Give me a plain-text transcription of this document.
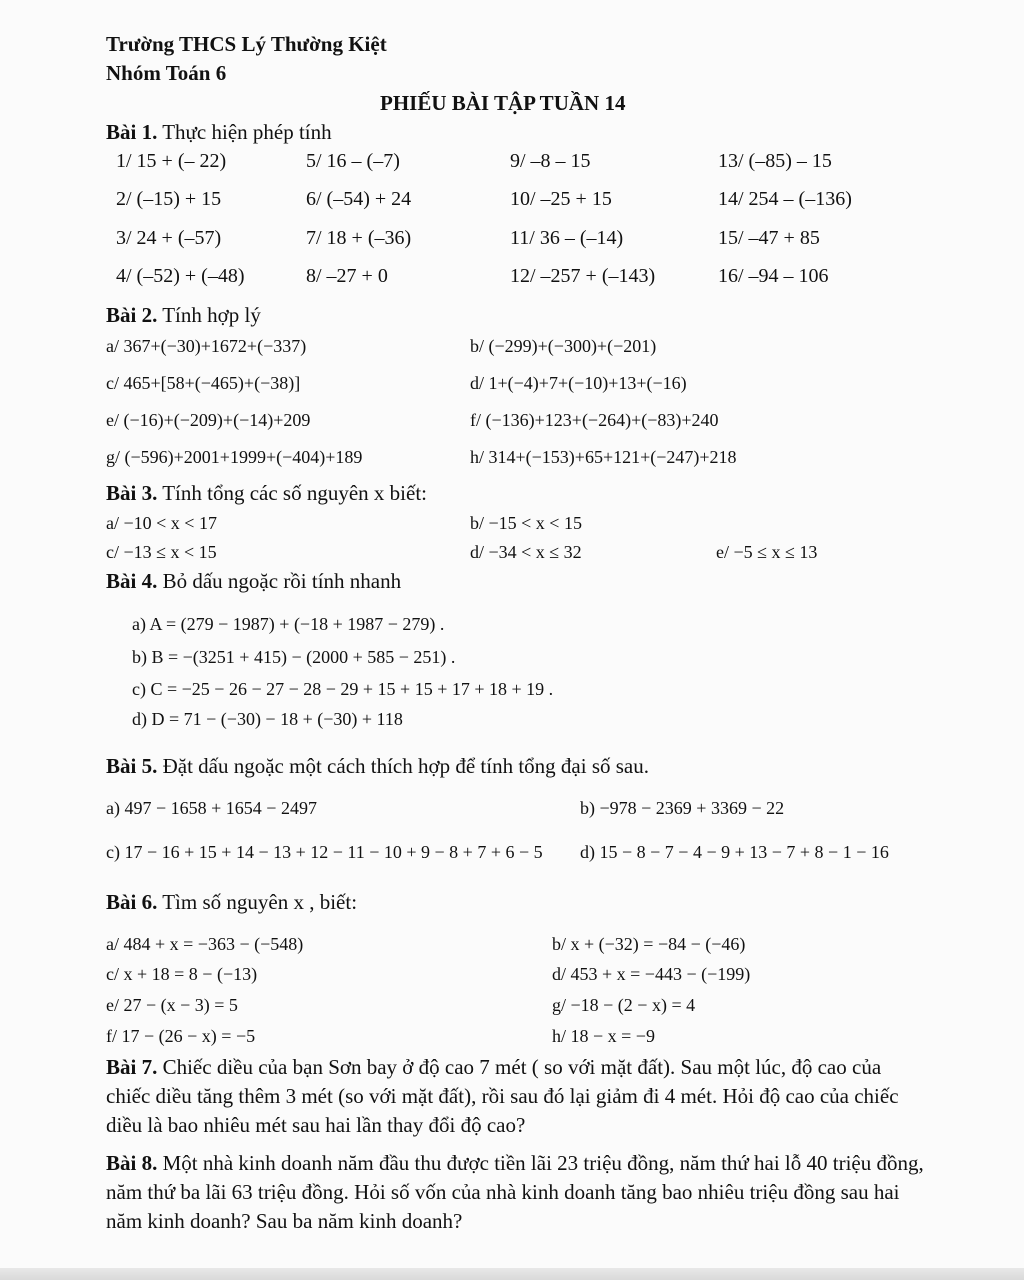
Trường THCS Lý Thường Kiệt
Nhóm Toán 6
PHIẾU BÀI TẬP TUẦN 14
Bài 1. Thực hiện phép tính
1/ 15 + (– 22)	5/ 16 – (–7)	9/ –8 – 15	13/ (–85) – 15
2/ (–15) + 15	6/ (–54) + 24	10/ –25 + 15	14/ 254 – (–136)
3/ 24 + (–57)	7/ 18 + (–36)	11/ 36 – (–14)	15/ –47 + 85
4/ (–52) + (–48)	8/ –27 + 0	12/ –257 + (–143)	16/ –94 – 106
Bài 2. Tính hợp lý
a/ 367+(−30)+1672+(−337)	b/ (−299)+(−300)+(−201)
c/ 465+[58+(−465)+(−38)]	d/ 1+(−4)+7+(−10)+13+(−16)
e/ (−16)+(−209)+(−14)+209	f/ (−136)+123+(−264)+(−83)+240
g/ (−596)+2001+1999+(−404)+189	h/ 314+(−153)+65+121+(−247)+218
Bài 3. Tính tổng các số nguyên x biết:
a/ −10 < x < 17	b/ −15 < x < 15
c/ −13 ≤ x < 15	d/ −34 < x ≤ 32	e/ −5 ≤ x ≤ 13
Bài 4. Bỏ dấu ngoặc rồi tính nhanh
a) A = (279 − 1987) + (−18 + 1987 − 279) .
b) B = −(3251 + 415) − (2000 + 585 − 251) .
c) C = −25 − 26 − 27 − 28 − 29 + 15 + 15 + 17 + 18 + 19 .
d) D = 71 − (−30) − 18 + (−30) + 118
Bài 5. Đặt dấu ngoặc một cách thích hợp để tính tổng đại số sau.
a) 497 − 1658 + 1654 − 2497	b) −978 − 2369 + 3369 − 22
c) 17 − 16 + 15 + 14 − 13 + 12 − 11 − 10 + 9 − 8 + 7 + 6 − 5 d) 15 − 8 − 7 − 4 − 9 + 13 − 7 + 8 − 1 − 16
Bài 6. Tìm số nguyên x , biết:
a/ 484 + x = −363 − (−548)	b/ x + (−32) = −84 − (−46)
c/ x + 18 = 8 − (−13)	d/ 453 + x = −443 − (−199)
e/ 27 − (x − 3) = 5	g/ −18 − (2 − x) = 4
f/ 17 − (26 − x) = −5	h/ 18 − x = −9
Bài 7. Chiếc diều của bạn Sơn bay ở độ cao 7 mét ( so với mặt đất). Sau một lúc, độ cao của chiếc diều tăng thêm 3 mét (so với mặt đất), rồi sau đó lại giảm đi 4 mét. Hỏi độ cao của chiếc diều là bao nhiêu mét sau hai lần thay đổi độ cao?
Bài 8. Một nhà kinh doanh năm đầu thu được tiền lãi 23 triệu đồng, năm thứ hai lỗ 40 triệu đồng, năm thứ ba lãi 63 triệu đồng. Hỏi số vốn của nhà kinh doanh tăng bao nhiêu triệu đồng sau hai năm kinh doanh? Sau ba năm kinh doanh?
